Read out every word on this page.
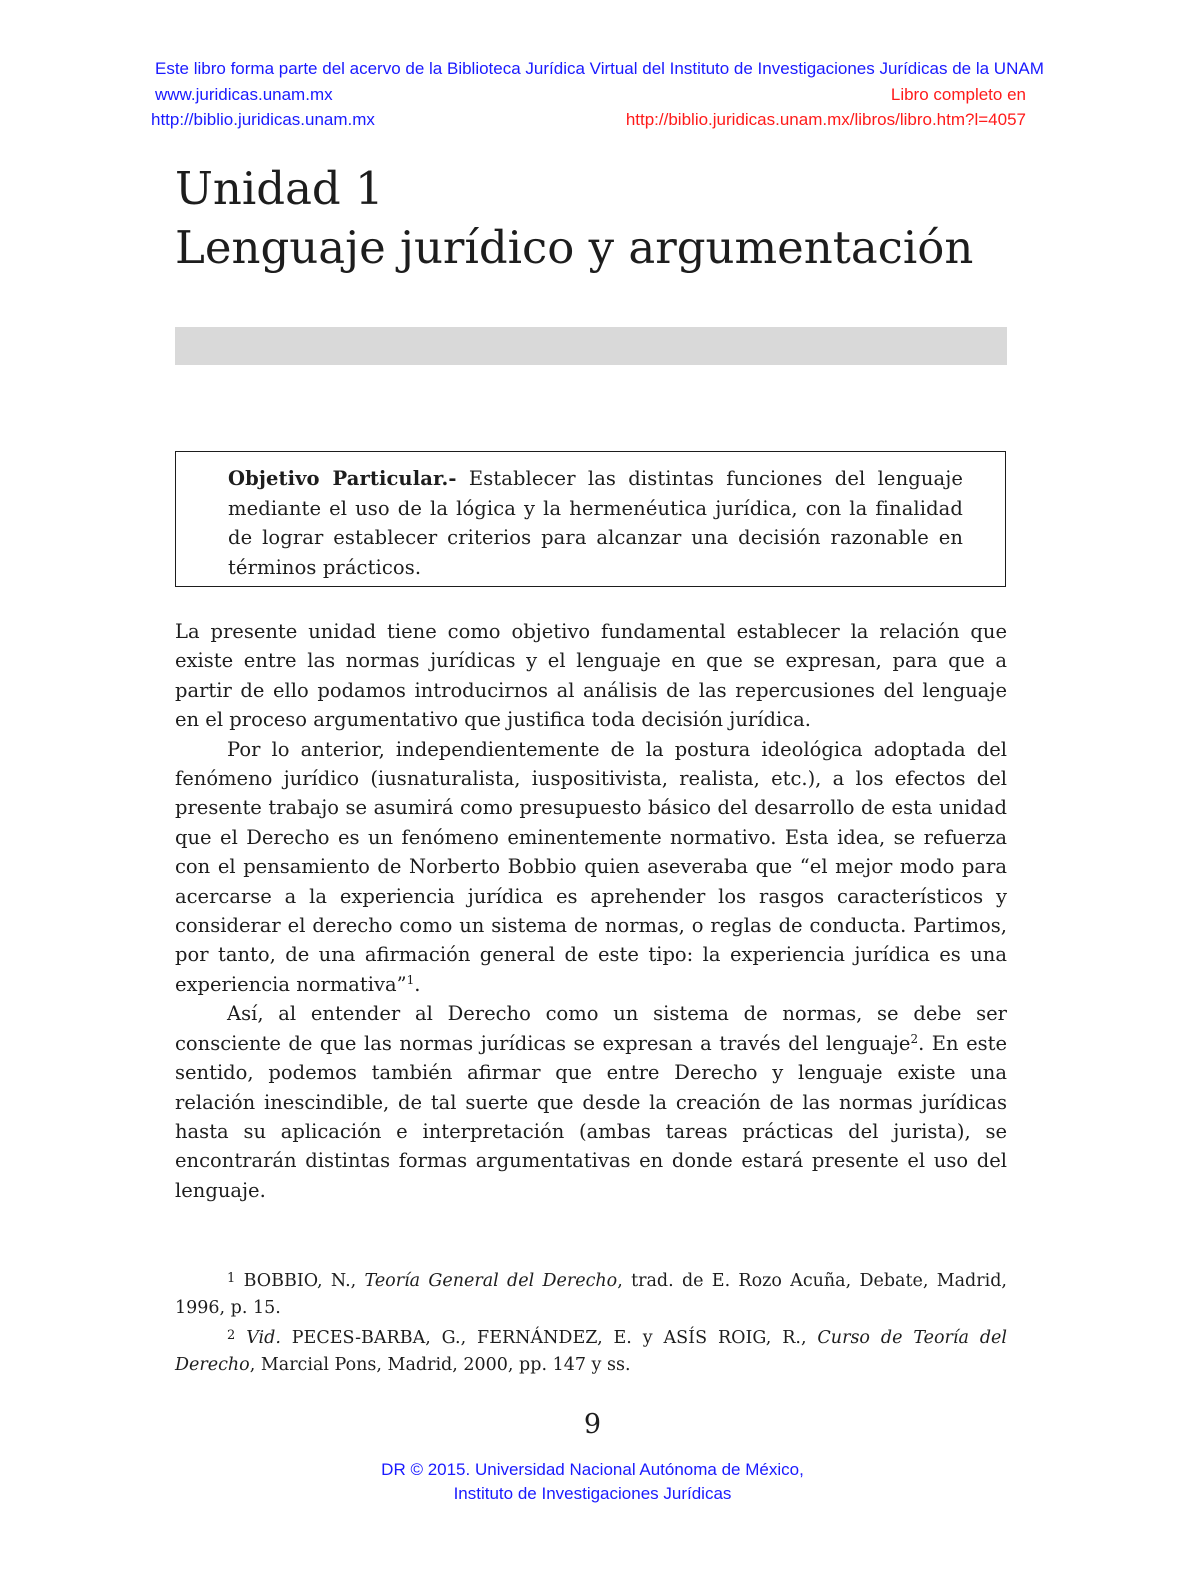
Este libro forma parte del acervo de la Biblioteca Jurídica Virtual del Instituto de Investigaciones Jurídicas de la UNAM
www.juridicas.unam.mx
http://biblio.juridicas.unam.mx
Libro completo en
http://biblio.juridicas.unam.mx/libros/libro.htm?l=4057
Unidad 1
Lenguaje jurídico y argumentación
Objetivo Particular.- Establecer las distintas funciones del lenguaje mediante el uso de la lógica y la hermenéutica jurídica, con la finalidad de lograr establecer criterios para alcanzar una decisión razonable en términos prácticos.

La presente unidad tiene como objetivo fundamental establecer la relación que existe entre las normas jurídicas y el lenguaje en que se expresan, para que a partir de ello podamos introducirnos al análisis de las repercusiones del lenguaje en el proceso argumentativo que justifica toda decisión jurídica.

Por lo anterior, independientemente de la postura ideológica adoptada del fenómeno jurídico (iusnaturalista, iuspositivista, realista, etc.), a los efectos del presente trabajo se asumirá como presupuesto básico del desarrollo de esta unidad que el Derecho es un fenómeno eminentemente normativo. Esta idea, se refuerza con el pensamiento de Norberto Bobbio quien aseveraba que “el mejor modo para acercarse a la experiencia jurídica es aprehender los rasgos característicos y considerar el derecho como un sistema de normas, o reglas de conducta. Partimos, por tanto, de una afirmación general de este tipo: la experiencia jurídica es una experiencia normativa”$^1$.

Así, al entender al Derecho como un sistema de normas, se debe ser consciente de que las normas jurídicas se expresan a través del lenguaje$^2$. En este sentido, podemos también afirmar que entre Derecho y lenguaje existe una relación inescindible, de tal suerte que desde la creación de las normas jurídicas hasta su aplicación e interpretación (ambas tareas prácticas del jurista), se encontrarán distintas formas argumentativas en donde estará presente el uso del lenguaje.

$^1$ BOBBIO, N., Teoría General del Derecho, trad. de E. Rozo Acuña, Debate, Madrid, 1996, p. 15.

$^2$ Vid. PECES-BARBA, G., FERNÁNDEZ, E. y ASÍS ROIG, R., Curso de Teoría del Derecho, Marcial Pons, Madrid, 2000, pp. 147 y ss.

9
DR © 2015. Universidad Nacional Autónoma de México,
Instituto de Investigaciones Jurídicas
